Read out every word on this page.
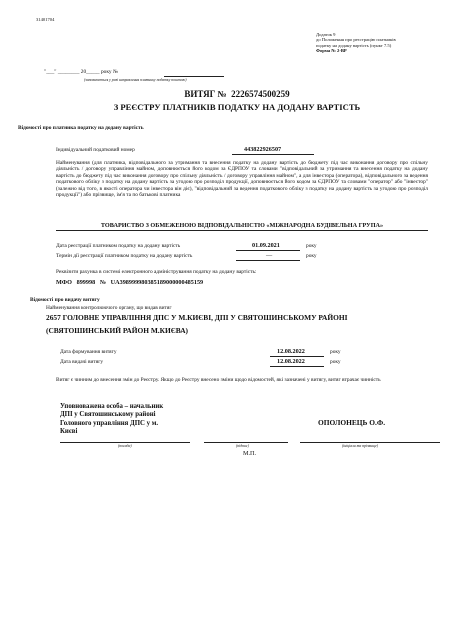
31401704
Додаток 9
до Положення про реєстрацію платників
податку на додану вартість (пункт 7.5)
Форма № 2-ВР
"___" ________ 20_____ року №
(заповнюється у разі направлення платнику податку поштою)
ВИТЯГ № 2226574500259
З РЕЄСТРУ ПЛАТНИКІВ ПОДАТКУ НА ДОДАНУ ВАРТІСТЬ
Відомості про платника податку на додану вартість
Індивідуальний податковий номер	443822926507
Найменування (для платника, відповідального за утримання та внесення податку на додану вартість до бюджету під час виконання договору про спільну діяльність / договору управління майном, доповнюється його кодом за ЄДРПОУ та словами "відповідальний за утримання та внесення податку на додану вартість до бюджету під час виконання договору про спільну діяльність / договору управління майном", а для інвестора (оператора), відповідального за ведення податкового обліку з податку на додану вартість за угодою про розподіл продукції, доповнюється його кодом за ЄДРПОУ та словами "оператор" або "інвестор" (залежно від того, в якості оператора чи інвестора він діє), "відповідальний за ведення податкового обліку з податку на додану вартість за угодою про розподіл продукції") або прізвище, ім'я та по батькові платника
ТОВАРИСТВО З ОБМЕЖЕНОЮ ВІДПОВІДАЛЬНІСТЮ «МІЖНАРОДНА БУДІВЕЛЬНА ГРУПА»
Дата реєстрації платником податку на додану вартість	01.09.2021	року
Термін дії реєстрації платником податку на додану вартість	—	року
Реквізити рахунка в системі електронного адміністрування податку на додану вартість:
МФО 899998 № UA398999980385189000000485159
Відомості про видачу витягу
Найменування контролюючого органу, що видав витяг
2657 ГОЛОВНЕ УПРАВЛІННЯ ДПС У М.КИЄВІ, ДПІ У СВЯТОШИНСЬКОМУ РАЙОНІ
(СВЯТОШИНСЬКИЙ РАЙОН М.КИЄВА)
Дата формування витягу	12.08.2022	року
Дата видачі витягу	12.08.2022	року
Витяг є чинним до внесення змін до Реєстру. Якщо до Реєстру внесено зміни щодо відомостей, які зазначені у витягу, витяг втрачає чинність
Уповноважена особа – начальник
ДПІ у Святошинському районі
Головного управління ДПС у м.
Києві
(посада)	(підпис)
ОПОЛОНЕЦЬ О.Ф.
(ініціали та прізвище)
М.П.
